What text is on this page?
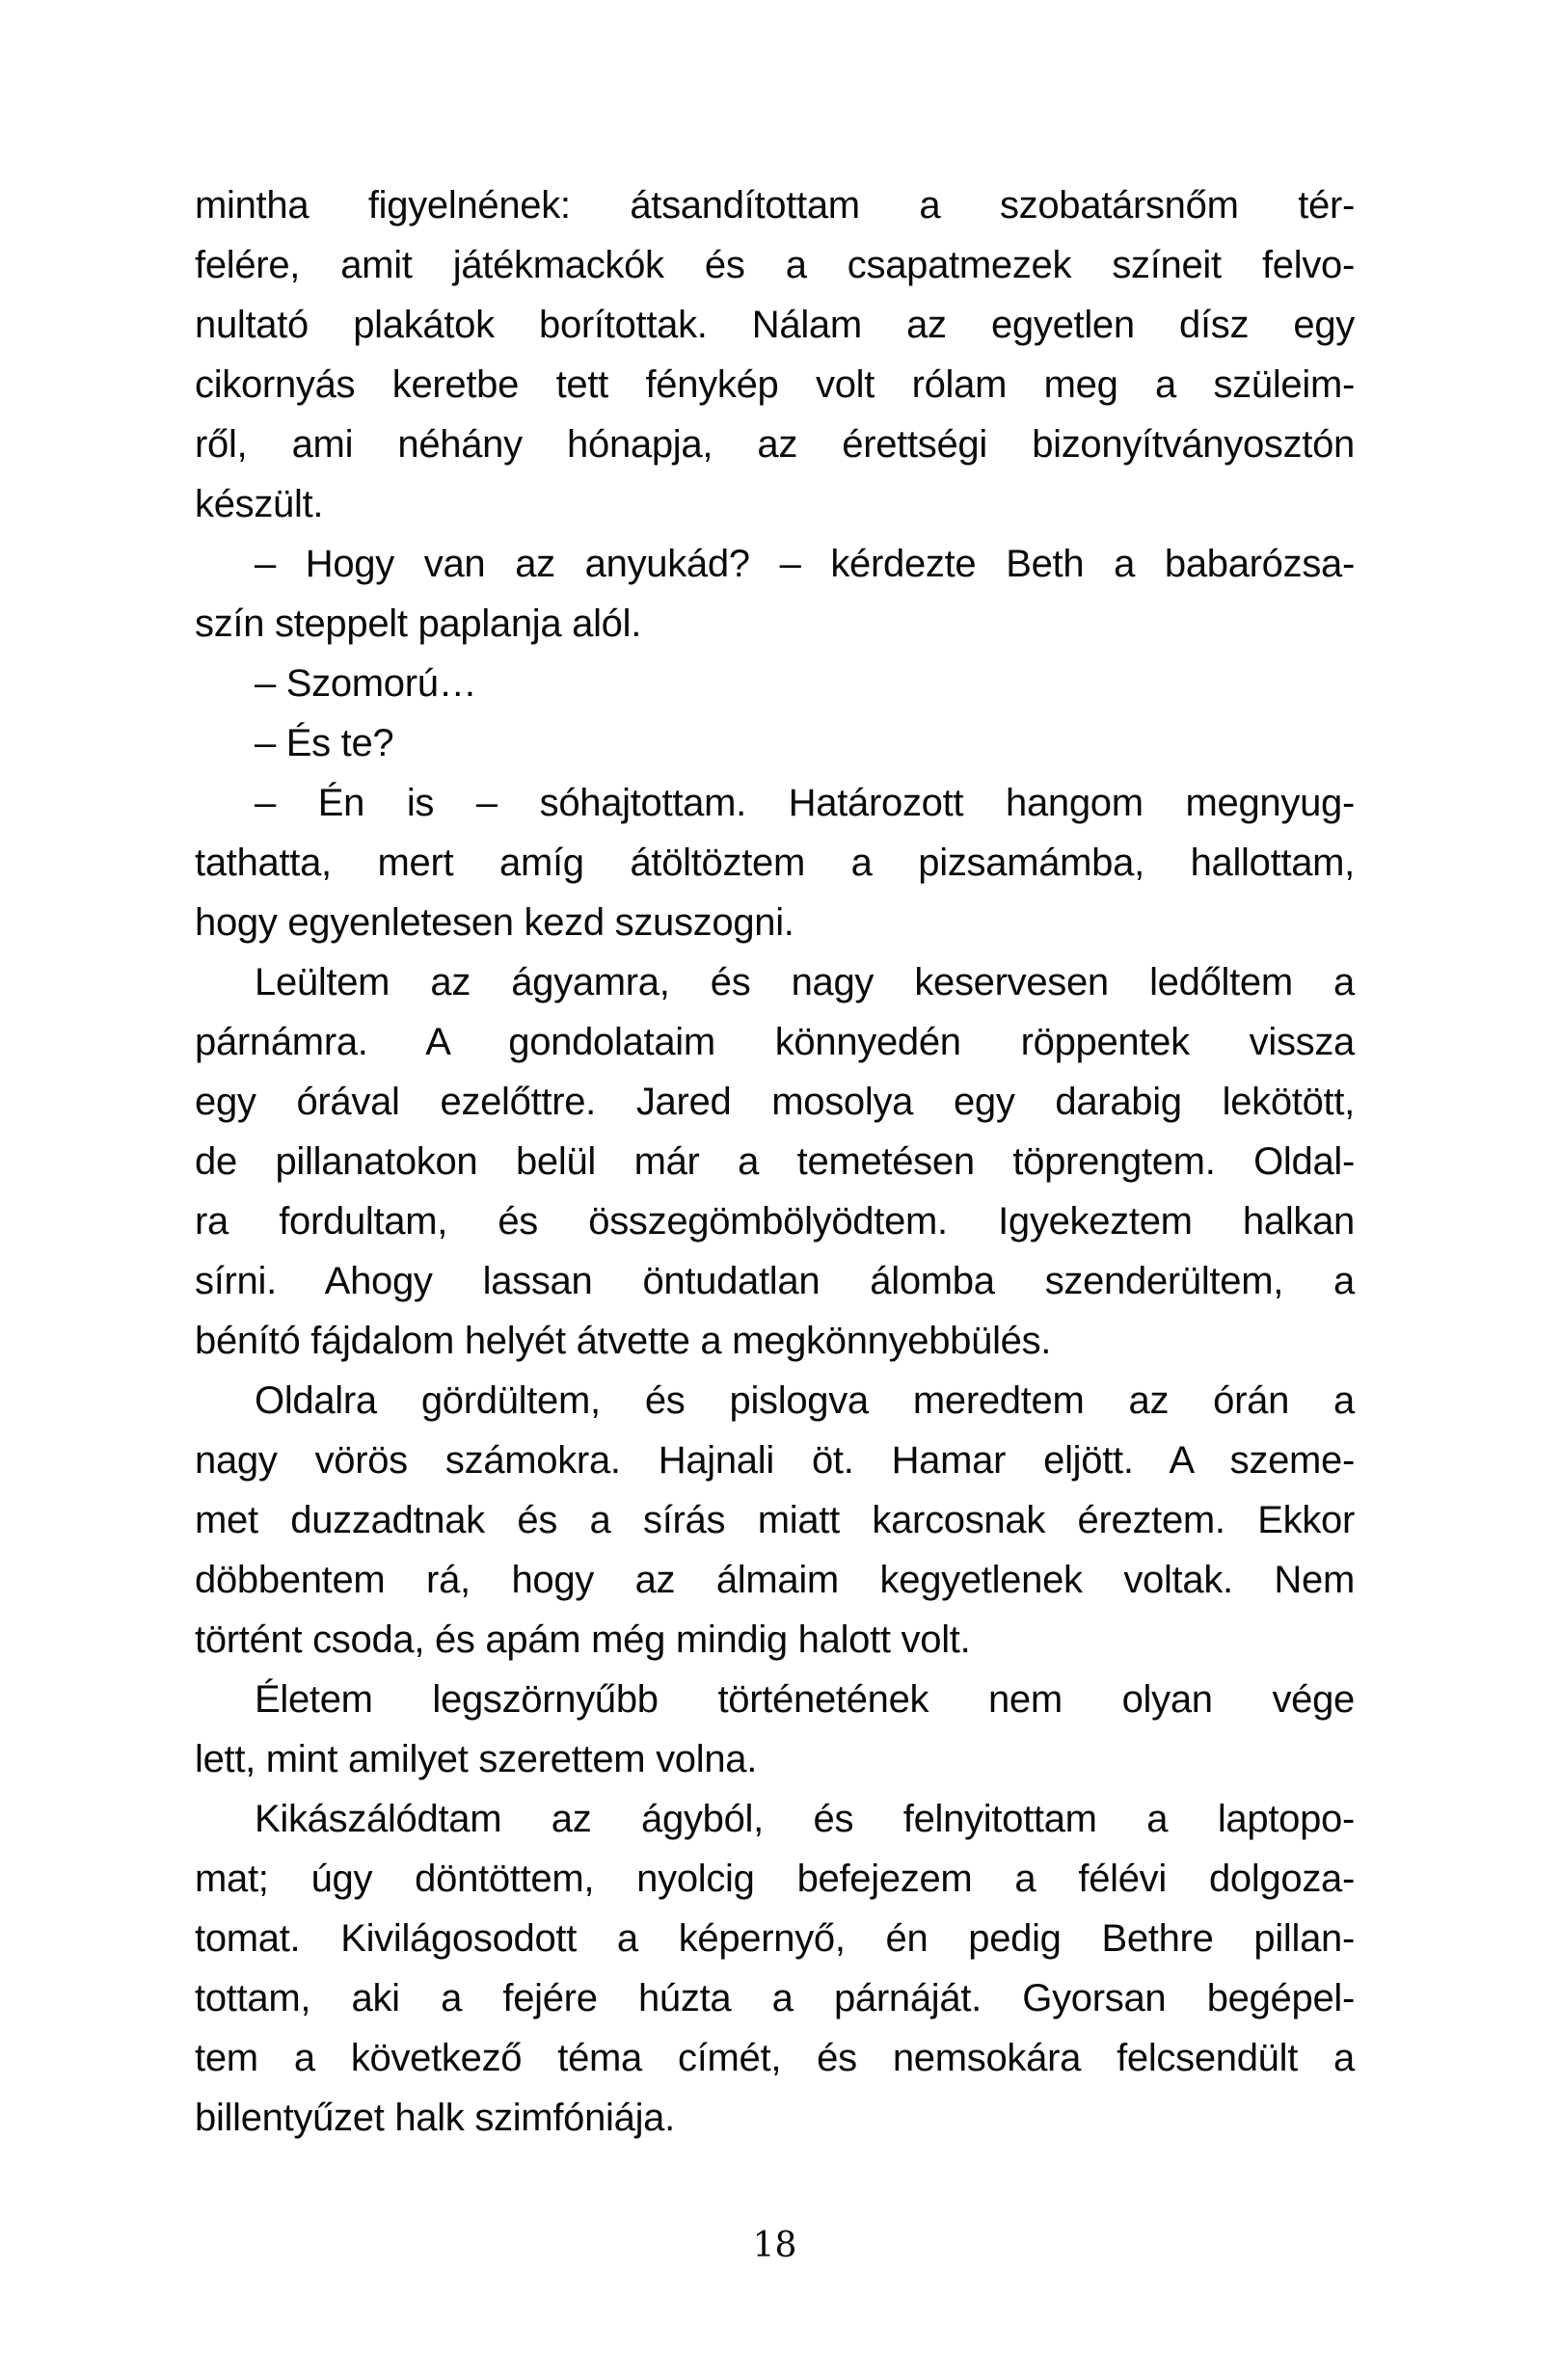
mintha figyelnének: átsandítottam a szobatársnőm tér-

felére, amit játékmackók és a csapatmezek színeit felvo-

nultató plakátok borítottak. Nálam az egyetlen dísz egy

cikornyás keretbe tett fénykép volt rólam meg a szüleim-

ről, ami néhány hónapja, az érettségi bizonyítványosztón

készült.

– Hogy van az anyukád? – kérdezte Beth a babarózsa-

szín steppelt paplanja alól.

– Szomorú…

– És te?

– Én is – sóhajtottam. Határozott hangom megnyug-

tathatta, mert amíg átöltöztem a pizsamámba, hallottam,

hogy egyenletesen kezd szuszogni.

Leültem az ágyamra, és nagy keservesen ledőltem a

párnámra. A gondolataim könnyedén röppentek vissza

egy órával ezelőttre. Jared mosolya egy darabig lekötött,

de pillanatokon belül már a temetésen töprengtem. Oldal-

ra fordultam, és összegömbölyödtem. Igyekeztem halkan

sírni. Ahogy lassan öntudatlan álomba szenderültem, a

bénító fájdalom helyét átvette a megkönnyebbülés.

Oldalra gördültem, és pislogva meredtem az órán a

nagy vörös számokra. Hajnali öt. Hamar eljött. A szeme-

met duzzadtnak és a sírás miatt karcosnak éreztem. Ekkor

döbbentem rá, hogy az álmaim kegyetlenek voltak. Nem

történt csoda, és apám még mindig halott volt.

Életem legszörnyűbb történetének nem olyan vége

lett, mint amilyet szerettem volna.

Kikászálódtam az ágyból, és felnyitottam a laptopo-

mat; úgy döntöttem, nyolcig befejezem a félévi dolgoza-

tomat. Kivilágosodott a képernyő, én pedig Bethre pillan-

tottam, aki a fejére húzta a párnáját. Gyorsan begépel-

tem a következő téma címét, és nemsokára felcsendült a

billentyűzet halk szimfóniája.

18
